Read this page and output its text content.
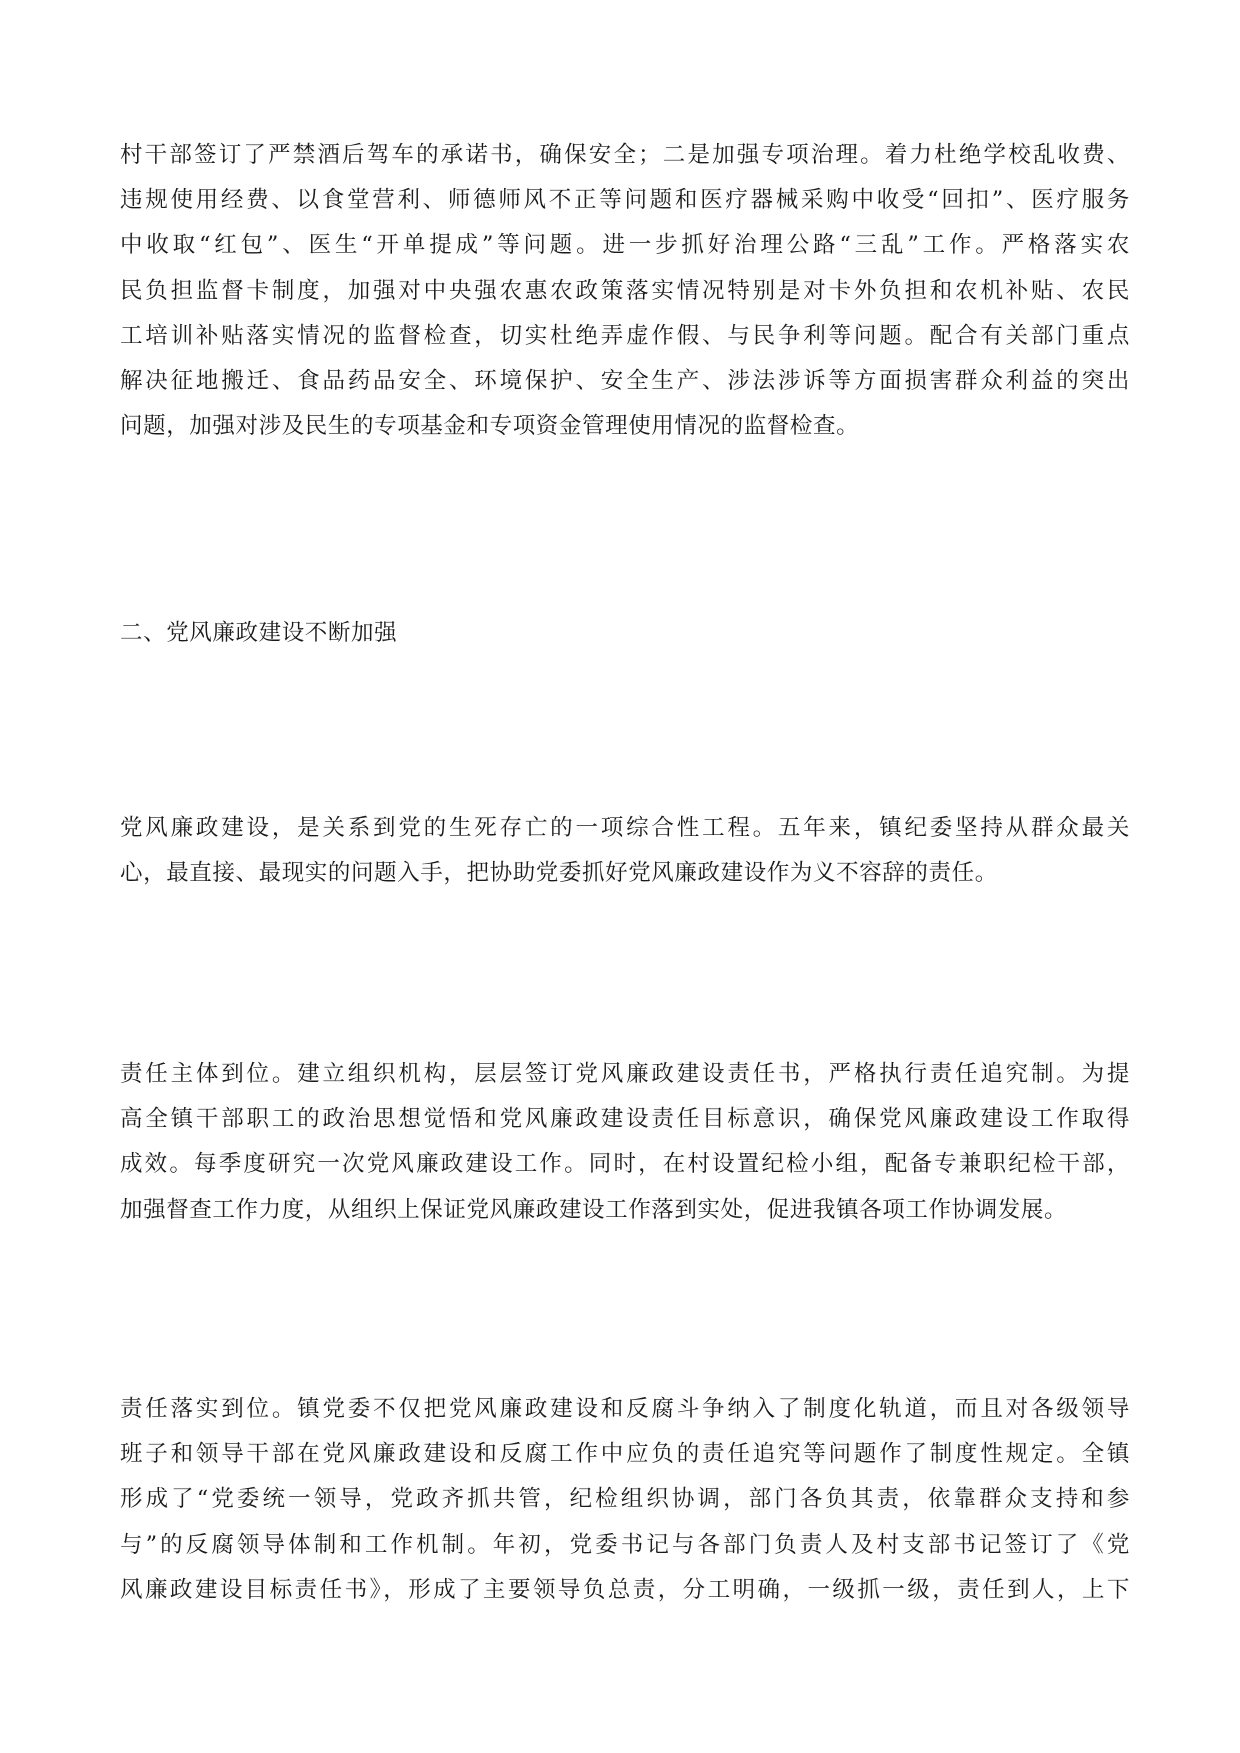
村干部签订了严禁酒后驾车的承诺书，确保安全；二是加强专项治理。着力杜绝学校乱收费、
违规使用经费、以食堂营利、师德师风不正等问题和医疗器械采购中收受“回扣”、医疗服务
中收取“红包”、医生“开单提成”等问题。进一步抓好治理公路“三乱”工作。严格落实农
民负担监督卡制度，加强对中央强农惠农政策落实情况特别是对卡外负担和农机补贴、农民
工培训补贴落实情况的监督检查，切实杜绝弄虚作假、与民争利等问题。配合有关部门重点
解决征地搬迁、食品药品安全、环境保护、安全生产、涉法涉诉等方面损害群众利益的突出
问题，加强对涉及民生的专项基金和专项资金管理使用情况的监督检查。

二、党风廉政建设不断加强

党风廉政建设，是关系到党的生死存亡的一项综合性工程。五年来，镇纪委坚持从群众最关
心，最直接、最现实的问题入手，把协助党委抓好党风廉政建设作为义不容辞的责任。

责任主体到位。建立组织机构，层层签订党风廉政建设责任书，严格执行责任追究制。为提
高全镇干部职工的政治思想觉悟和党风廉政建设责任目标意识，确保党风廉政建设工作取得
成效。每季度研究一次党风廉政建设工作。同时，在村设置纪检小组，配备专兼职纪检干部，
加强督查工作力度，从组织上保证党风廉政建设工作落到实处，促进我镇各项工作协调发展。

责任落实到位。镇党委不仅把党风廉政建设和反腐斗争纳入了制度化轨道，而且对各级领导
班子和领导干部在党风廉政建设和反腐工作中应负的责任追究等问题作了制度性规定。全镇
形成了“党委统一领导，党政齐抓共管，纪检组织协调，部门各负其责，依靠群众支持和参
与”的反腐领导体制和工作机制。年初，党委书记与各部门负责人及村支部书记签订了《党
风廉政建设目标责任书》，形成了主要领导负总责，分工明确，一级抓一级，责任到人，上下
